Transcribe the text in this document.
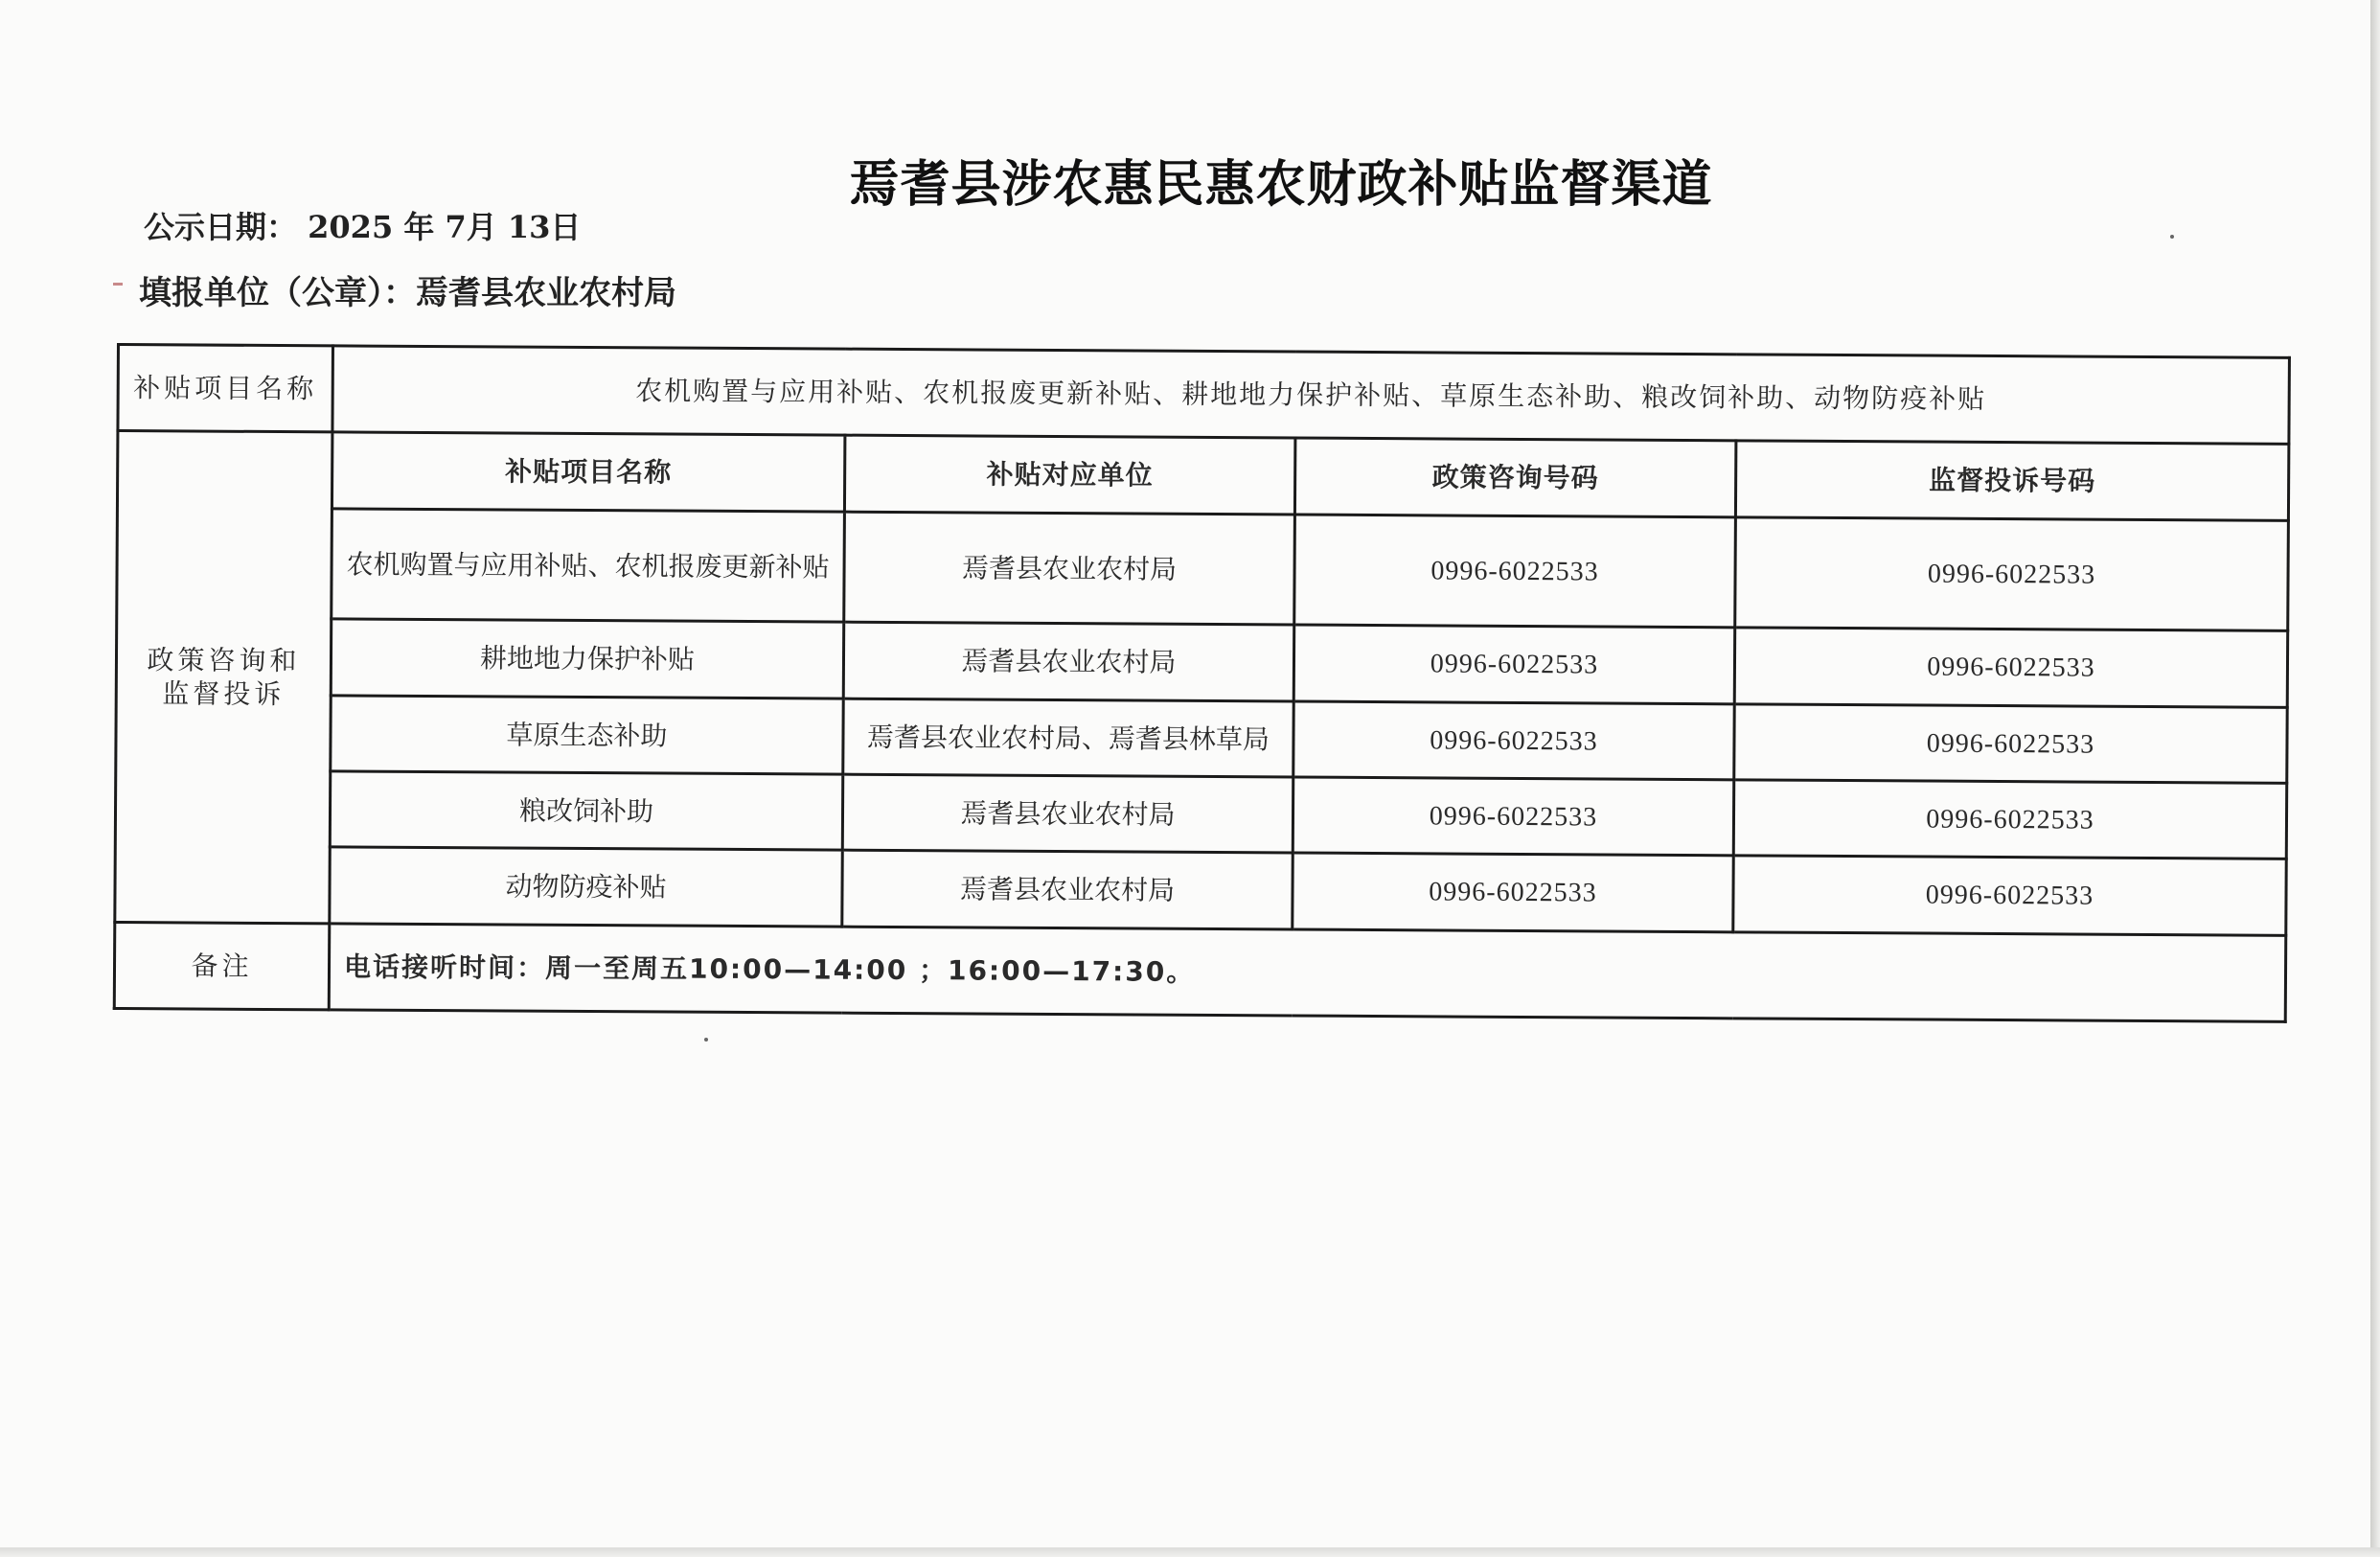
焉耆县涉农惠民惠农财政补贴监督渠道
公示日期： 2025 年 7月 13日
填报单位（公章）：焉耆县农业农村局
补贴项目名称	农机购置与应用补贴、农机报废更新补贴、耕地地力保护补贴、草原生态补助、粮改饲补助、动物防疫补贴			
政策咨询和
监督投诉	补贴项目名称	补贴对应单位	政策咨询号码	监督投诉号码
	农机购置与应用补贴、农机报废更新补贴	焉耆县农业农村局	0996-6022533	0996-6022533
	耕地地力保护补贴	焉耆县农业农村局	0996-6022533	0996-6022533
	草原生态补助	焉耆县农业农村局、焉耆县林草局	0996-6022533	0996-6022533
	粮改饲补助	焉耆县农业农村局	0996-6022533	0996-6022533
	动物防疫补贴	焉耆县农业农村局	0996-6022533	0996-6022533
备注	电话接听时间：周一至周五10:00—14:00 ；16:00—17:30。			
